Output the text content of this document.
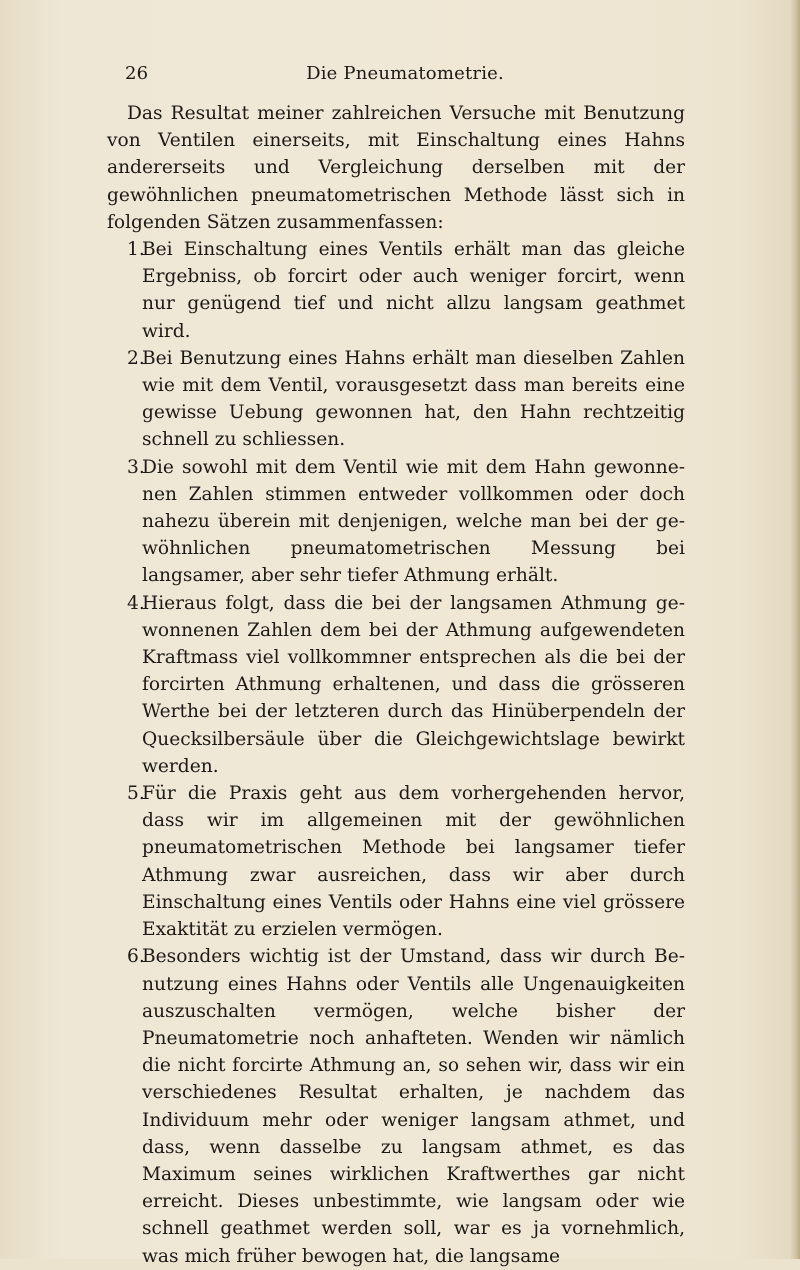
26	Die Pneumatometrie.

Das Resultat meiner zahlreichen Versuche mit Benutzung von Ventilen einerseits, mit Einschaltung eines Hahns andererseits und Vergleichung derselben mit der gewöhnlichen pneumatometrischen Methode lässt sich in folgenden Sätzen zusammenfassen:

1.
Bei Einschaltung eines Ventils erhält man das gleiche Ergebniss, ob forcirt oder auch weniger forcirt, wenn nur genügend tief und nicht allzu langsam geathmet wird.
2.
Bei Benutzung eines Hahns erhält man dieselben Zahlen wie mit dem Ventil, vorausgesetzt dass man bereits eine gewisse Uebung gewonnen hat, den Hahn rechtzeitig schnell zu schliessen.
3.
Die sowohl mit dem Ventil wie mit dem Hahn gewonnenen Zahlen stimmen entweder vollkommen oder doch nahezu überein mit denjenigen, welche man bei der gewöhnlichen pneumatometrischen Messung bei langsamer, aber sehr tiefer Athmung erhält.
4.
Hieraus folgt, dass die bei der langsamen Athmung gewonnenen Zahlen dem bei der Athmung aufgewendeten Kraftmass viel vollkommner entsprechen als die bei der forcirten Athmung erhaltenen, und dass die grösseren Werthe bei der letzteren durch das Hinüberpendeln der Quecksilbersäule über die Gleichgewichtslage bewirkt werden.
5.
Für die Praxis geht aus dem vorhergehenden hervor, dass wir im allgemeinen mit der gewöhnlichen pneumatometrischen Methode bei langsamer tiefer Athmung zwar ausreichen, dass wir aber durch Einschaltung eines Ventils oder Hahns eine viel grössere Exaktität zu erzielen vermögen.
6.
Besonders wichtig ist der Umstand, dass wir durch Benutzung eines Hahns oder Ventils alle Ungenauigkeiten auszuschalten vermögen, welche bisher der Pneumatometrie noch anhafteten. Wenden wir nämlich die nicht forcirte Athmung an, so sehen wir, dass wir ein verschiedenes Resultat erhalten, je nachdem das Individuum mehr oder weniger langsam athmet, und dass, wenn dasselbe zu langsam athmet, es das Maximum seines wirklichen Kraftwerthes gar nicht erreicht. Dieses unbestimmte, wie langsam oder wie schnell geathmet werden soll, war es ja vornehmlich, was mich früher bewogen hat, die langsame
